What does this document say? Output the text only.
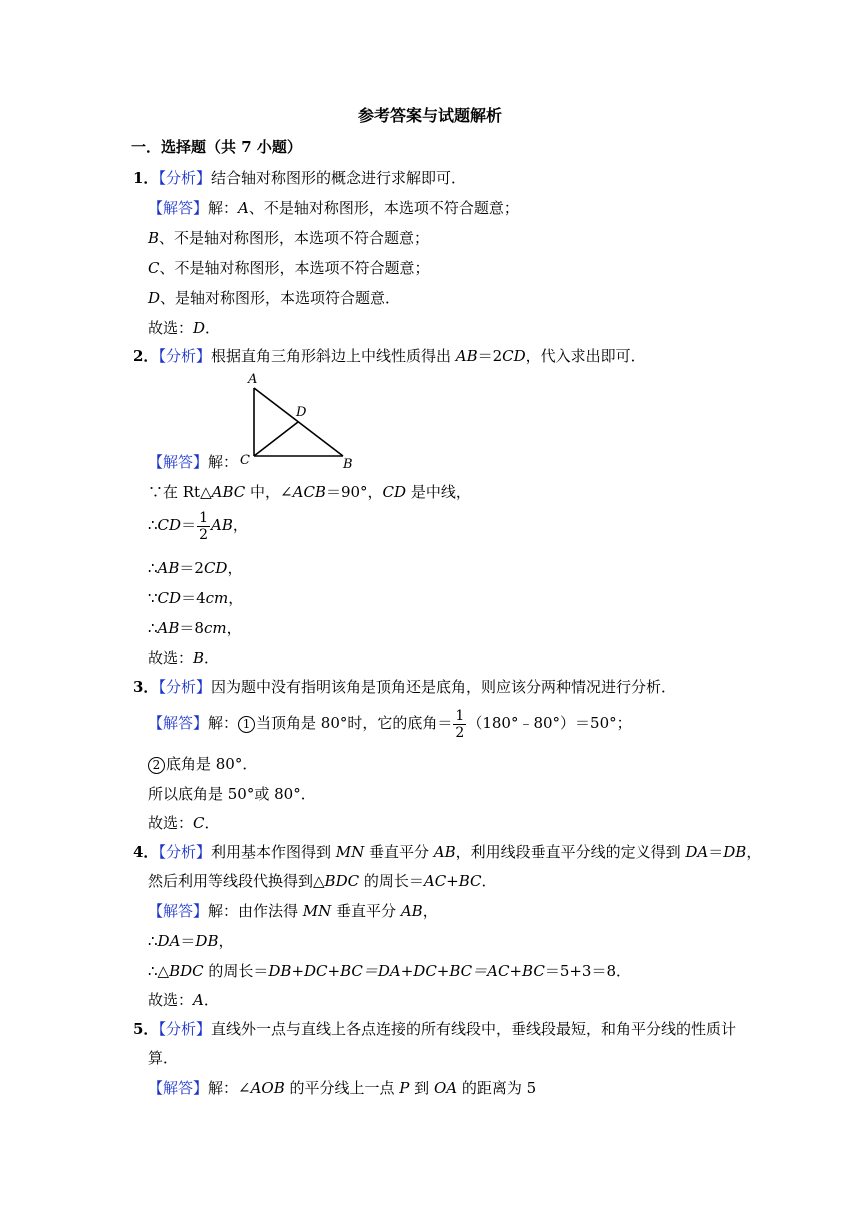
参考答案与试题解析
一．选择题（共 7 小题）
1．【分析】结合轴对称图形的概念进行求解即可．
【解答】解：A、不是轴对称图形，本选项不符合题意；
B、不是轴对称图形，本选项不符合题意；
C、不是轴对称图形，本选项不符合题意；
D、是轴对称图形，本选项符合题意．
故选：D．
2．【分析】根据直角三角形斜边上中线性质得出 AB＝2CD，代入求出即可．
A
D
C	B
【解答】解：
∵在 Rt△ABC 中，∠ACB＝90°，CD 是中线，
∴CD＝ $\frac{1}{2}$ AB，
∴AB＝2CD，
∵CD＝4cm，
∴AB＝8cm，
故选：B．
3．【分析】因为题中没有指明该角是顶角还是底角，则应该分两种情况进行分析．
【解答】解： 1 当顶角是 80°时，它的底角＝ $\frac{1}{2}$ （180°﹣80°）＝50°；
2 底角是 80°．
所以底角是 50°或 80°．
故选：C．
4．【分析】利用基本作图得到 MN 垂直平分 AB，利用线段垂直平分线的定义得到 DA＝DB，
然后利用等线段代换得到△BDC 的周长＝AC+BC．
【解答】解：由作法得 MN 垂直平分 AB，
∴DA＝DB，
∴△BDC 的周长＝DB+DC+BC＝DA+DC+BC＝AC+BC＝5+3＝8．
故选：A．
5．【分析】直线外一点与直线上各点连接的所有线段中，垂线段最短，和角平分线的性质计
算．
【解答】解：∠AOB 的平分线上一点 P 到 OA 的距离为 5
